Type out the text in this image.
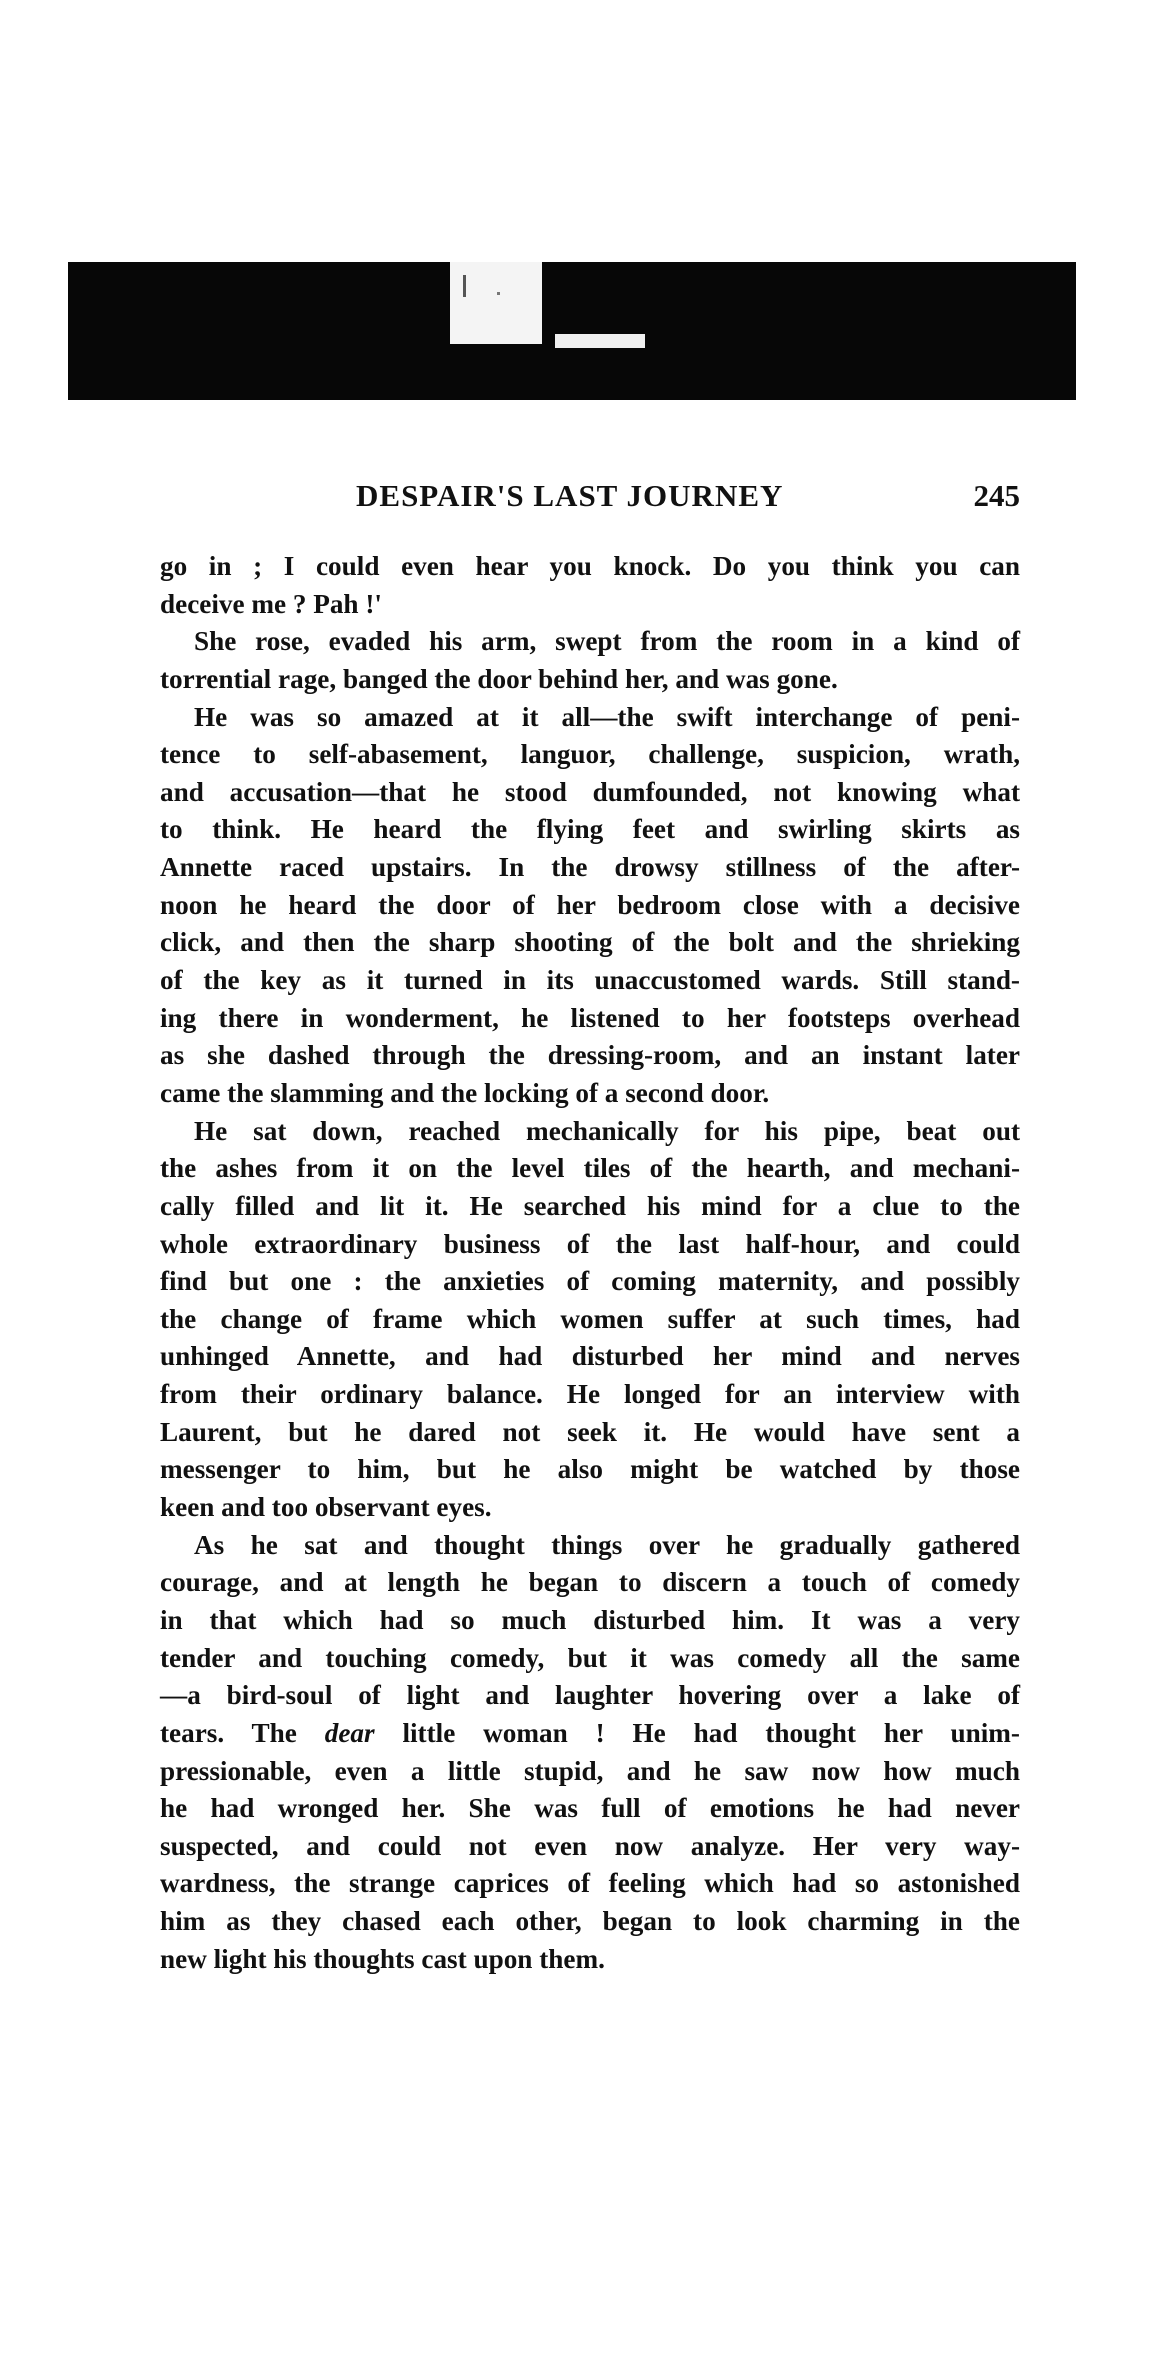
DESPAIR'S LAST JOURNEY	245
go in ; I could even hear you knock. Do you think you can
deceive me ? Pah !'
She rose, evaded his arm, swept from the room in a kind of
torrential rage, banged the door behind her, and was gone.
He was so amazed at it all—the swift interchange of peni-
tence to self-abasement, languor, challenge, suspicion, wrath,
and accusation—that he stood dumfounded, not knowing what
to think. He heard the flying feet and swirling skirts as
Annette raced upstairs. In the drowsy stillness of the after-
noon he heard the door of her bedroom close with a decisive
click, and then the sharp shooting of the bolt and the shrieking
of the key as it turned in its unaccustomed wards. Still stand-
ing there in wonderment, he listened to her footsteps overhead
as she dashed through the dressing-room, and an instant later
came the slamming and the locking of a second door.
He sat down, reached mechanically for his pipe, beat out
the ashes from it on the level tiles of the hearth, and mechani-
cally filled and lit it. He searched his mind for a clue to the
whole extraordinary business of the last half-hour, and could
find but one : the anxieties of coming maternity, and possibly
the change of frame which women suffer at such times, had
unhinged Annette, and had disturbed her mind and nerves
from their ordinary balance. He longed for an interview with
Laurent, but he dared not seek it. He would have sent a
messenger to him, but he also might be watched by those
keen and too observant eyes.
As he sat and thought things over he gradually gathered
courage, and at length he began to discern a touch of comedy
in that which had so much disturbed him. It was a very
tender and touching comedy, but it was comedy all the same
—a bird-soul of light and laughter hovering over a lake of
tears. The dear little woman ! He had thought her unim-
pressionable, even a little stupid, and he saw now how much
he had wronged her. She was full of emotions he had never
suspected, and could not even now analyze. Her very way-
wardness, the strange caprices of feeling which had so astonished
him as they chased each other, began to look charming in the
new light his thoughts cast upon them.
